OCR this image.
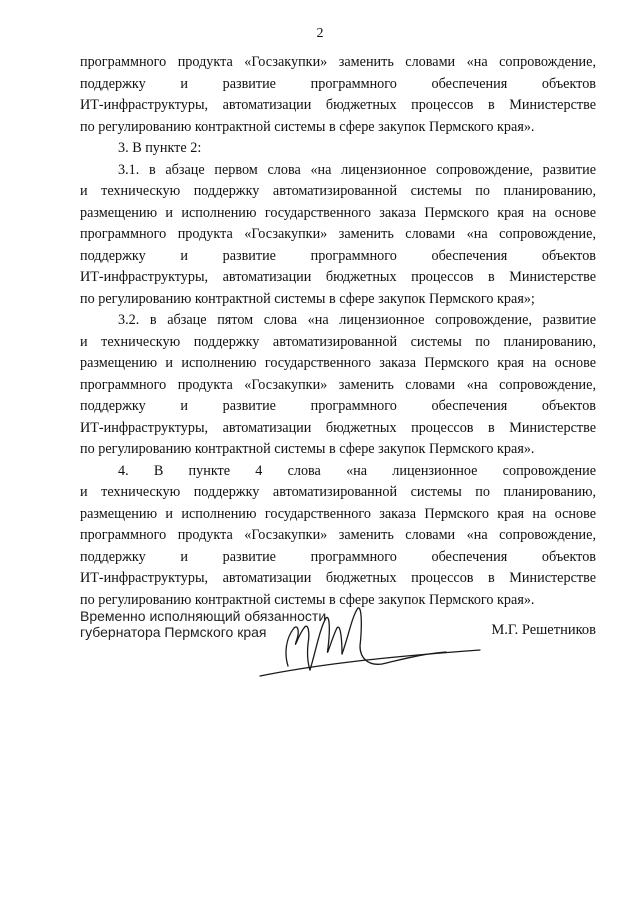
2
программного продукта «Госзакупки» заменить словами «на сопровождение,
поддержку и развитие программного обеспечения объектов
ИТ-инфраструктуры, автоматизации бюджетных процессов в Министерстве
по регулированию контрактной системы в сфере закупок Пермского края».
3. В пункте 2:
3.1. в абзаце первом слова «на лицензионное сопровождение, развитие
и техническую поддержку автоматизированной системы по планированию,
размещению и исполнению государственного заказа Пермского края на основе
программного продукта «Госзакупки» заменить словами «на сопровождение,
поддержку и развитие программного обеспечения объектов
ИТ-инфраструктуры, автоматизации бюджетных процессов в Министерстве
по регулированию контрактной системы в сфере закупок Пермского края»;
3.2. в абзаце пятом слова «на лицензионное сопровождение, развитие
и техническую поддержку автоматизированной системы по планированию,
размещению и исполнению государственного заказа Пермского края на основе
программного продукта «Госзакупки» заменить словами «на сопровождение,
поддержку и развитие программного обеспечения объектов
ИТ-инфраструктуры, автоматизации бюджетных процессов в Министерстве
по регулированию контрактной системы в сфере закупок Пермского края».
4. В пункте 4 слова «на лицензионное сопровождение
и техническую поддержку автоматизированной системы по планированию,
размещению и исполнению государственного заказа Пермского края на основе
программного продукта «Госзакупки» заменить словами «на сопровождение,
поддержку и развитие программного обеспечения объектов
ИТ-инфраструктуры, автоматизации бюджетных процессов в Министерстве
по регулированию контрактной системы в сфере закупок Пермского края».
Временно исполняющий обязанности
губернатора Пермского края	М.Г. Решетников
